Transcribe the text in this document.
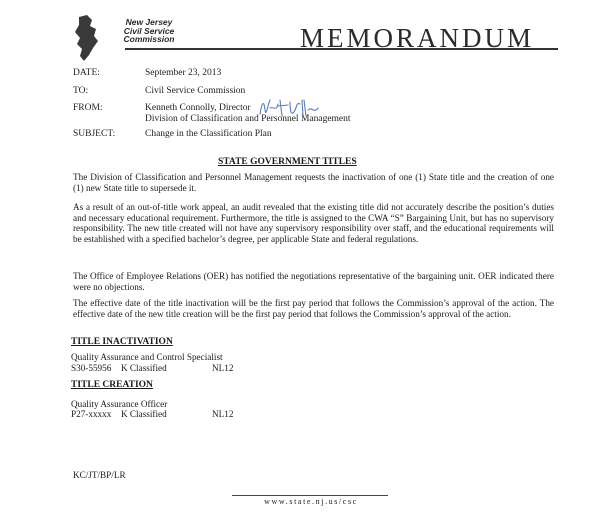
New Jersey
Civil Service
Commission	MEMORANDUM
DATE:	September 23, 2013
TO:	Civil Service Commission
FROM:	Kenneth Connolly, Director
Division of Classification and Personnel Management
SUBJECT:	Change in the Classification Plan
STATE GOVERNMENT TITLES

The Division of Classification and Personnel Management requests the inactivation of one (1) State title and the creation of one (1) new State title to supersede it.

As a result of an out-of-title work appeal, an audit revealed that the existing title did not accurately describe the position’s duties and necessary educational requirement. Furthermore, the title is assigned to the CWA “S” Bargaining Unit, but has no supervisory responsibility. The new title created will not have any supervisory responsibility over staff, and the educational requirements will be established with a specified bachelor’s degree, per applicable State and federal regulations.

The Office of Employee Relations (OER) has notified the negotiations representative of the bargaining unit. OER indicated there were no objections.

The effective date of the title inactivation will be the first pay period that follows the Commission’s approval of the action. The effective date of the new title creation will be the first pay period that follows the Commission’s approval of the action.

TITLE INACTIVATION
Quality Assurance and Control Specialist
S30-55956 K Classified	NL12
TITLE CREATION
Quality Assurance Officer
P27-xxxxx K Classified	NL12
KC/JT/BP/LR
www.state.nj.us/csc
